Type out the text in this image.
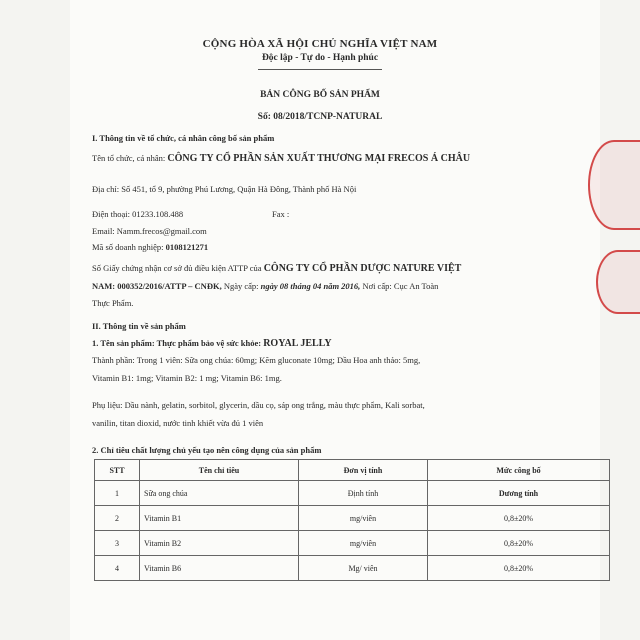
CỘNG HÒA XÃ HỘI CHỦ NGHĨA VIỆT NAM
Độc lập - Tự do - Hạnh phúc
BẢN CÔNG BỐ SẢN PHẨM
Số: 08/2018/TCNP-NATURAL
I. Thông tin về tổ chức, cá nhân công bố sản phẩm
Tên tổ chức, cá nhân: CÔNG TY CỔ PHẦN SẢN XUẤT THƯƠNG MẠI FRECOS Á CHÂU
Địa chỉ: Số 451, tổ 9, phường Phú Lương, Quận Hà Đông, Thành phố Hà Nội
Điện thoại: 01233.108.488	Fax :
Email: Namm.frecos@gmail.com
Mã số doanh nghiệp: 0108121271
Số Giấy chứng nhận cơ sở đủ điều kiện ATTP của CÔNG TY CỔ PHẦN DƯỢC NATURE VIỆT
NAM: 000352/2016/ATTP – CNĐK, Ngày cấp: ngày 08 tháng 04 năm 2016, Nơi cấp: Cục An Toàn
Thực Phẩm.
II. Thông tin về sản phẩm
1. Tên sản phẩm: Thực phẩm bảo vệ sức khỏe: ROYAL JELLY
Thành phần: Trong 1 viên: Sữa ong chúa: 60mg; Kẽm gluconate 10mg; Dầu Hoa anh thảo: 5mg,
Vitamin B1: 1mg; Vitamin B2: 1 mg; Vitamin B6: 1mg.
Phụ liệu: Dầu nành, gelatin, sorbitol, glycerin, dầu cọ, sáp ong trắng, màu thực phẩm, Kali sorbat,
vanilin, titan dioxid, nước tinh khiết vừa đủ 1 viên
2. Chỉ tiêu chất lượng chủ yếu tạo nên công dụng của sản phẩm
STT	Tên chỉ tiêu	Đơn vị tính	Mức công bố
1	Sữa ong chúa	Định tính	Dương tính
2	Vitamin B1	mg/viên	0,8±20%
3	Vitamin B2	mg/viên	0,8±20%
4	Vitamin B6	Mg/ viên	0,8±20%
